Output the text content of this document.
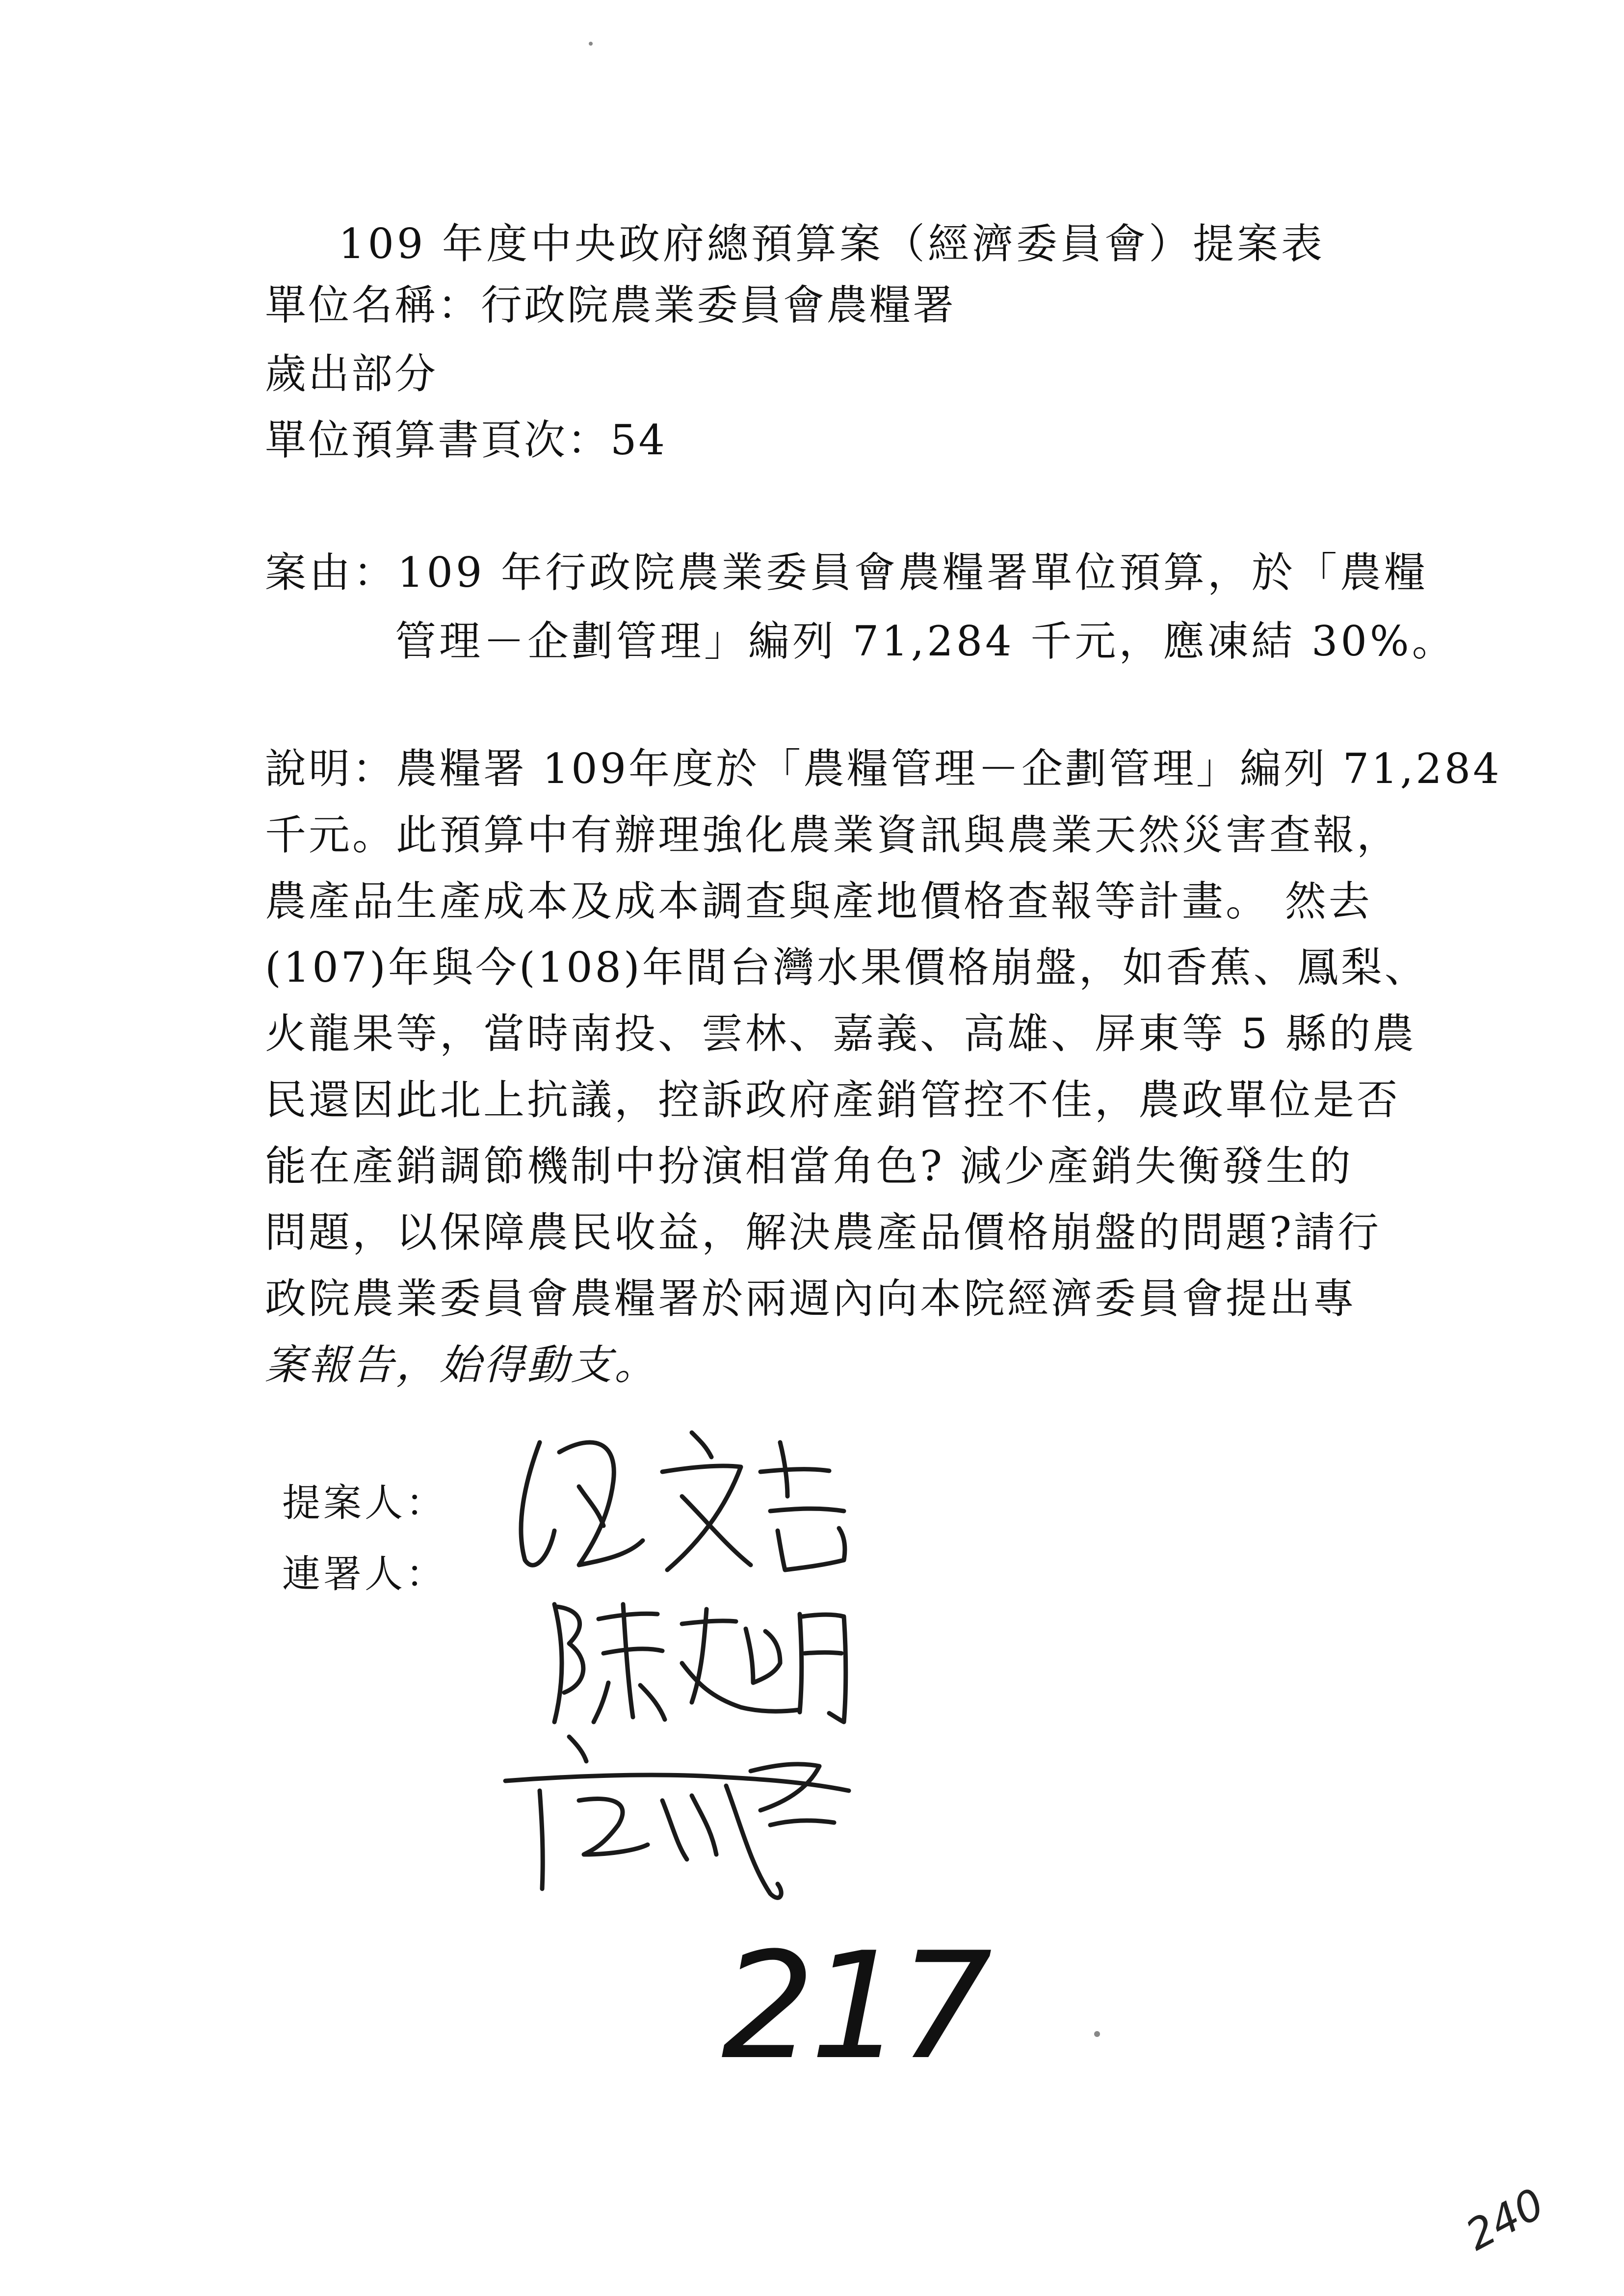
109 年度中央政府總預算案（經濟委員會）提案表
單位名稱：行政院農業委員會農糧署
歲出部分
單位預算書頁次：54
案由：109 年行政院農業委員會農糧署單位預算，於「農糧
管理－企劃管理」編列 71,284 千元，應凍結 30%。
說明：農糧署 109年度於「農糧管理－企劃管理」編列 71,284
千元。此預算中有辦理強化農業資訊與農業天然災害查報，
農產品生產成本及成本調查與產地價格查報等計畫。 然去
(107)年與今(108)年間台灣水果價格崩盤，如香蕉、鳳梨、
火龍果等，當時南投、雲林、嘉義、高雄、屏東等 5 縣的農
民還因此北上抗議，控訴政府產銷管控不佳，農政單位是否
能在產銷調節機制中扮演相當角色? 減少產銷失衡發生的
問題，以保障農民收益，解決農產品價格崩盤的問題?請行
政院農業委員會農糧署於兩週內向本院經濟委員會提出專
案報告，始得動支。
提案人：
連署人：
217
240
